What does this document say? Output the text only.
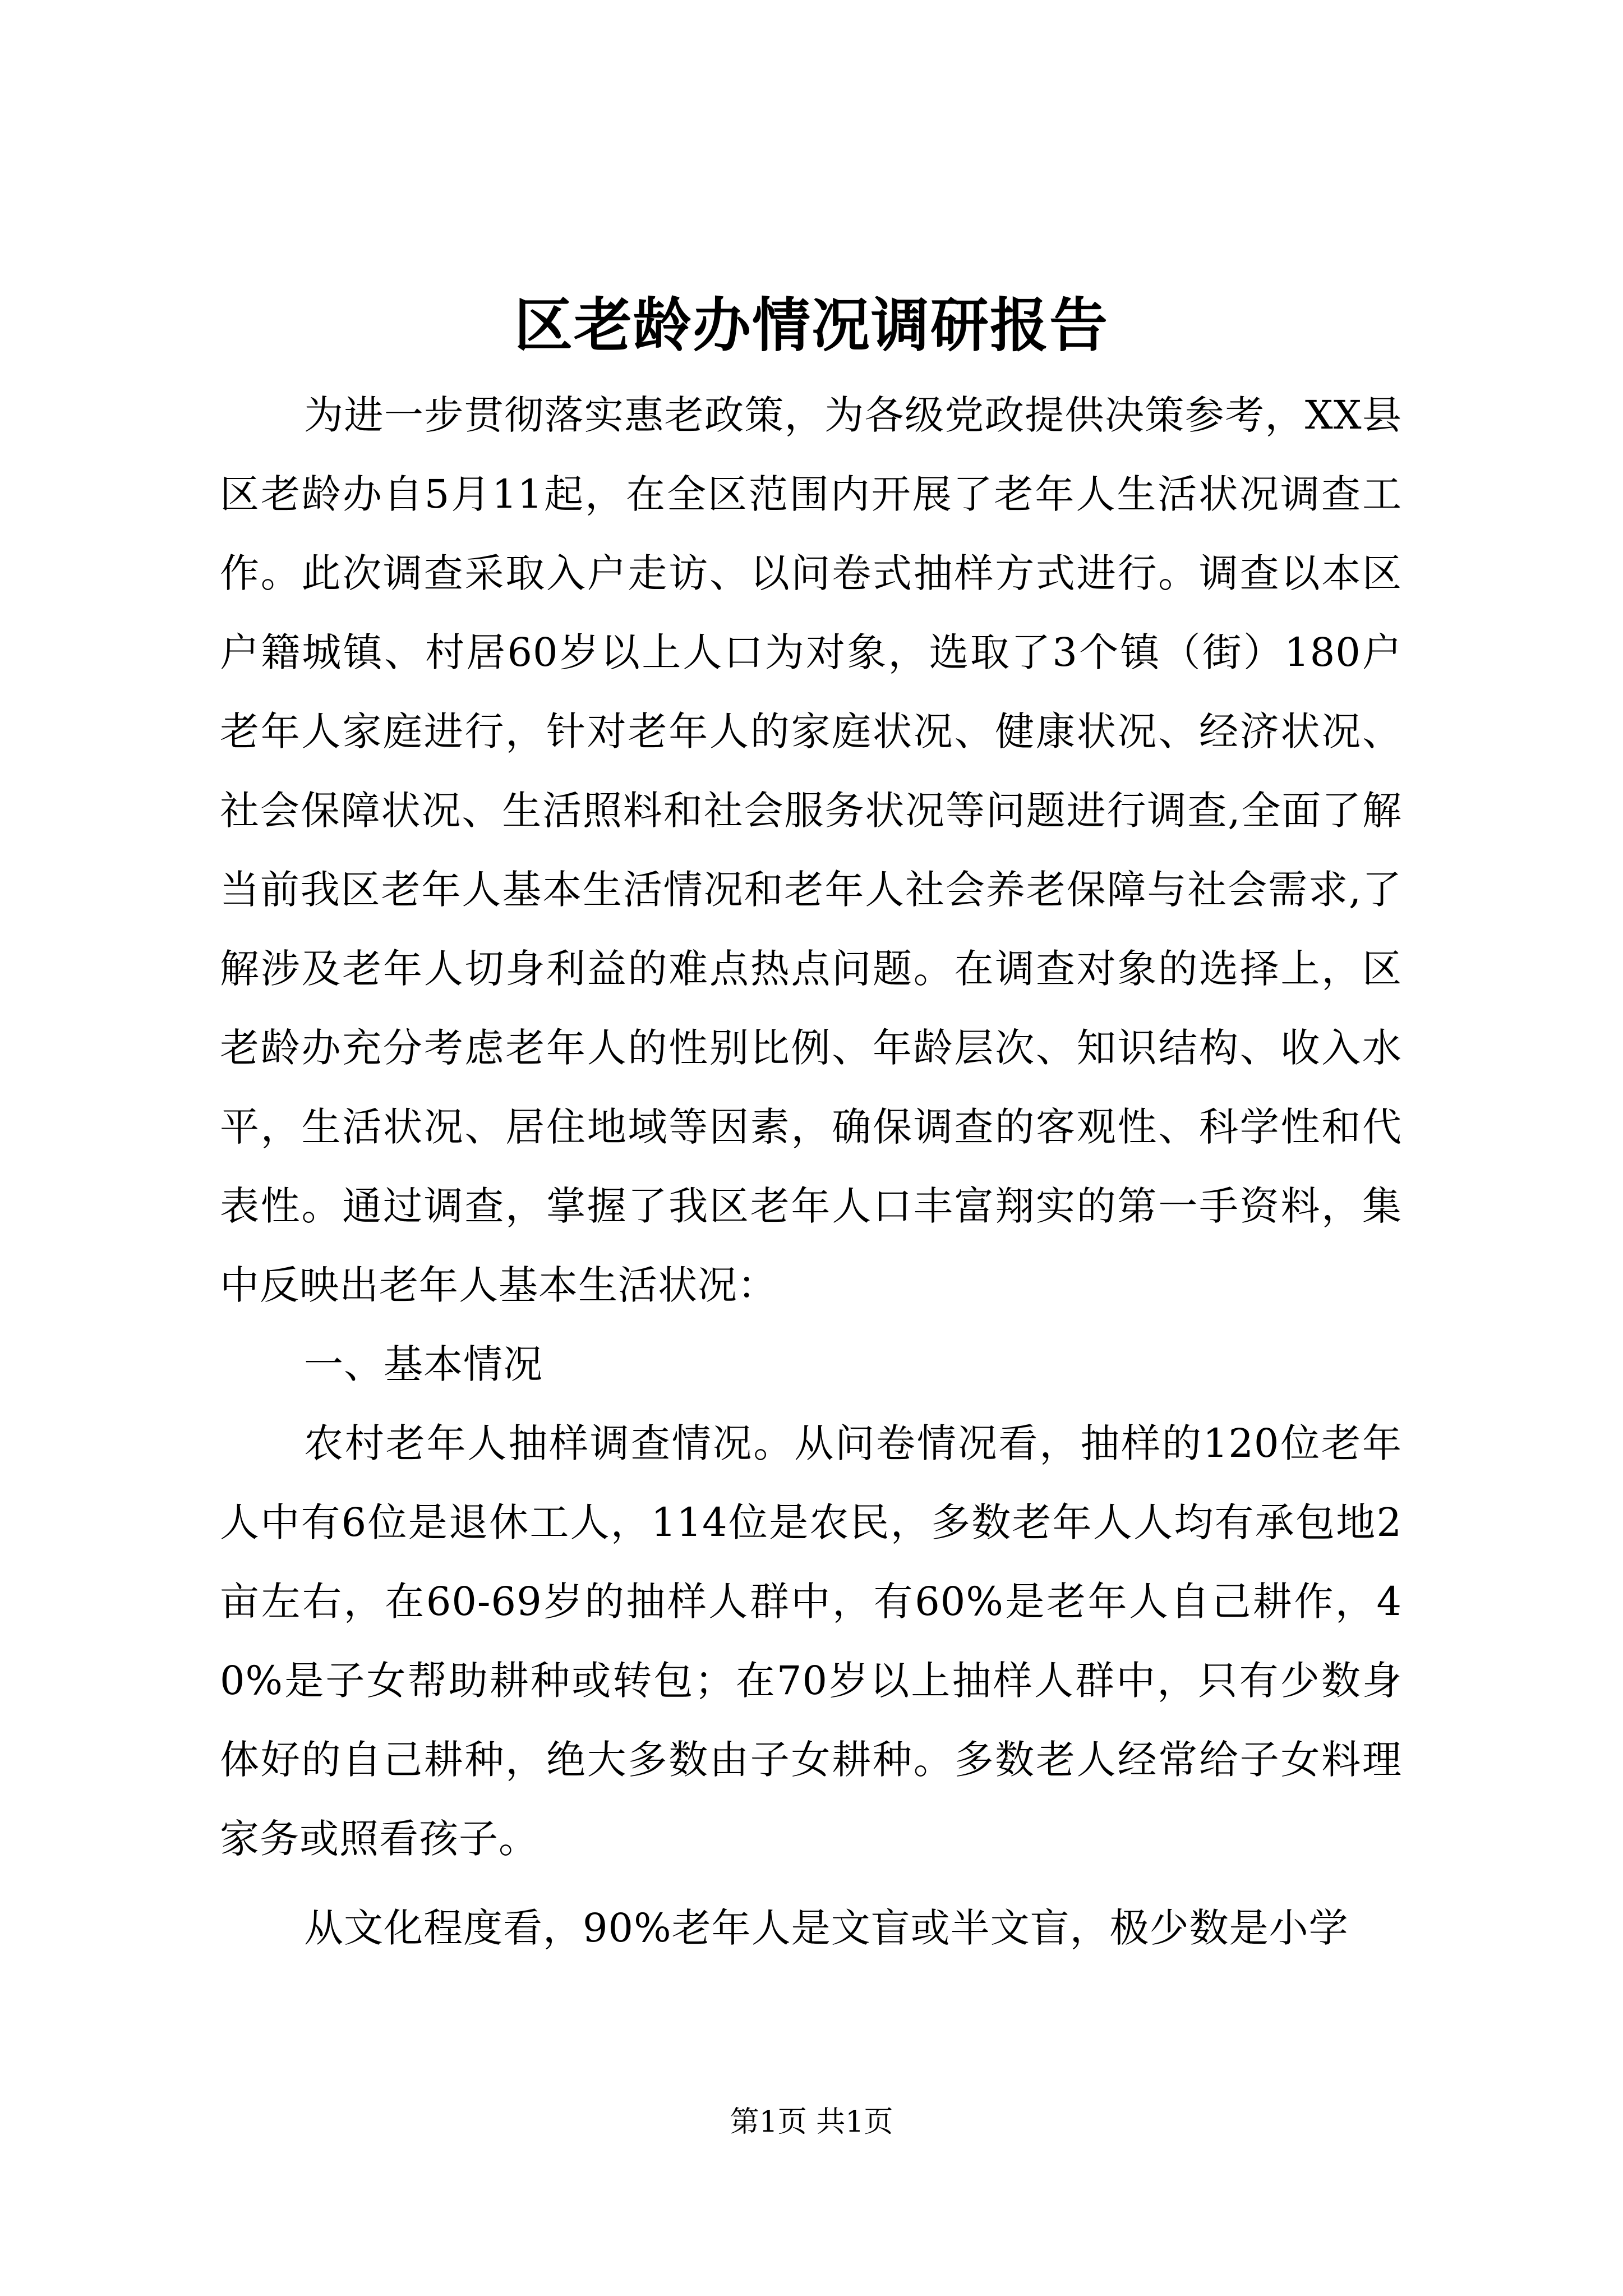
区老龄办情况调研报告

为进一步贯彻落实惠老政策，为各级党政提供决策参考，XX县区老龄办自5月11起，在全区范围内开展了老年人生活状况调查工作。此次调查采取入户走访、以问卷式抽样方式进行。调查以本区户籍城镇、村居60岁以上人口为对象，选取了3个镇（街）180户老年人家庭进行，针对老年人的家庭状况、健康状况、经济状况、社会保障状况、生活照料和社会服务状况等问题进行调查,全面了解当前我区老年人基本生活情况和老年人社会养老保障与社会需求,了解涉及老年人切身利益的难点热点问题。在调查对象的选择上，区老龄办充分考虑老年人的性别比例、年龄层次、知识结构、收入水平，生活状况、居住地域等因素，确保调查的客观性、科学性和代表性。通过调查，掌握了我区老年人口丰富翔实的第一手资料，集中反映出老年人基本生活状况：

一、基本情况

农村老年人抽样调查情况。从问卷情况看，抽样的120位老年人中有6位是退休工人，114位是农民，多数老年人人均有承包地2亩左右，在60-69岁的抽样人群中，有60%是老年人自己耕作，40%是子女帮助耕种或转包；在70岁以上抽样人群中，只有少数身体好的自己耕种，绝大多数由子女耕种。多数老人经常给子女料理家务或照看孩子。

从文化程度看，90%老年人是文盲或半文盲，极少数是小学

第1页 共1页
